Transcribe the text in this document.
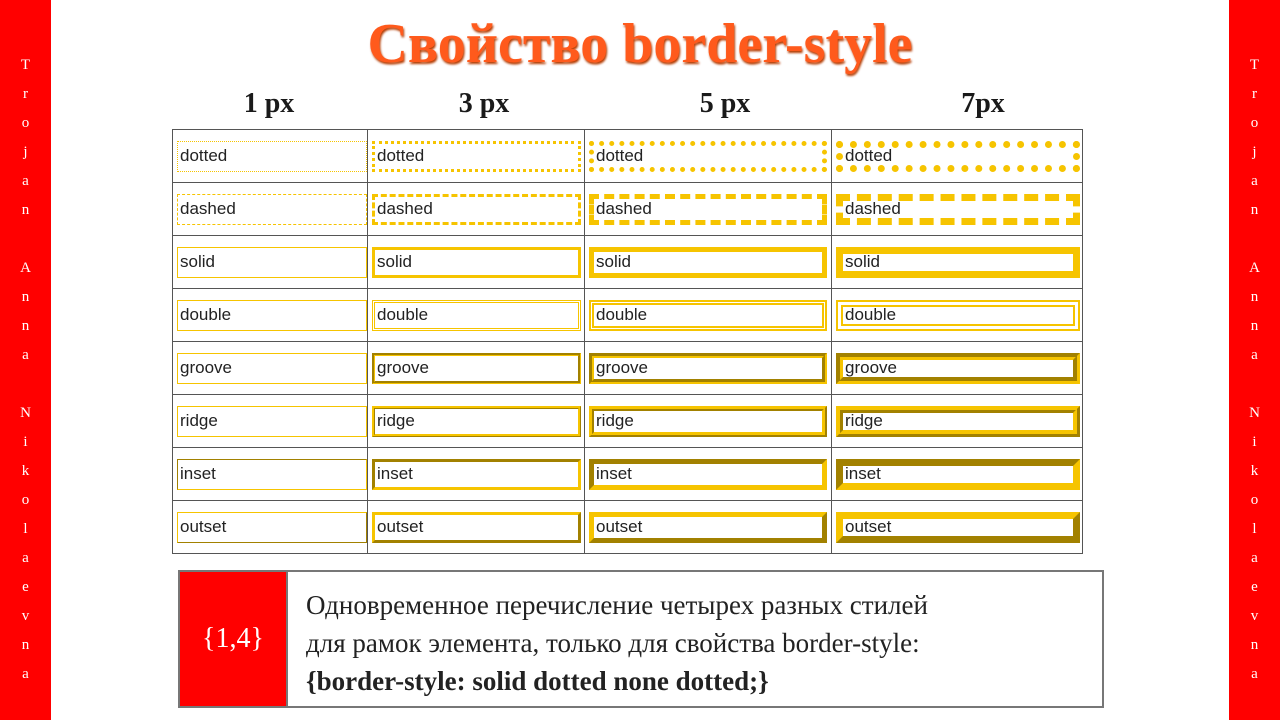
T
r
o
j
a
n

A
n
n
a

N
i
k
o
l
a
e
v
n
a
T
r
o
j
a
n

A
n
n
a

N
i
k
o
l
a
e
v
n
a
Свойство border-style
1 px	3 px	5 px	7px
dotted	dotted	dotted	dotted

dashed	dashed	dashed	dashed

solid	solid	solid	solid

double	double	double	double

groove	groove	groove	groove

ridge	ridge	ridge	ridge

inset	inset	inset	inset

outset	outset	outset	outset
{1,4}
Одновременное перечисление четырех разных стилей
для рамок элемента, только для свойства border-style:
{border-style: solid dotted none dotted;}
